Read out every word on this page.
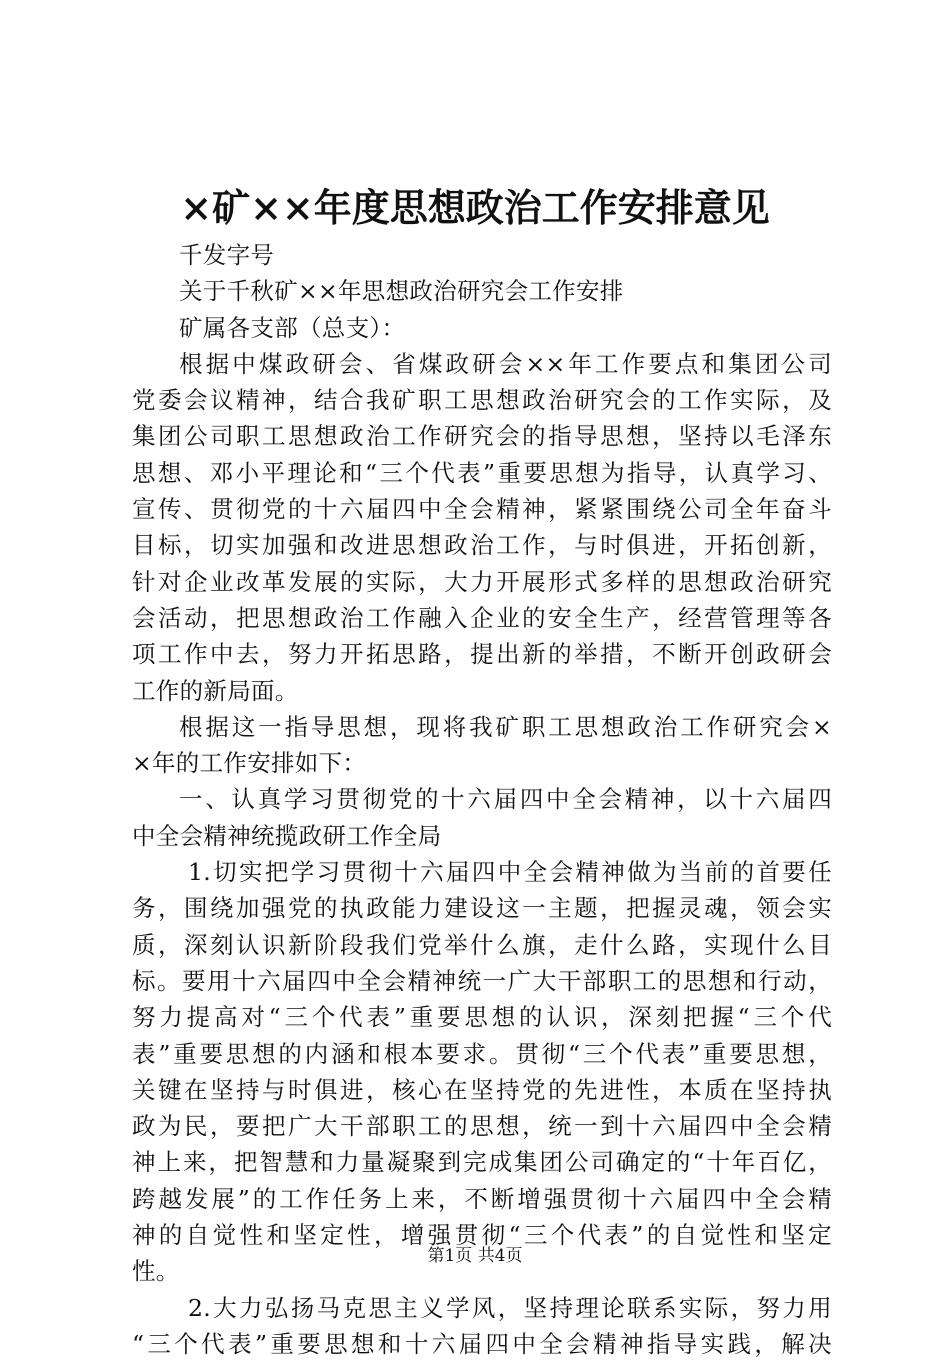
×矿××年度思想政治工作安排意见
千发字号
关于千秋矿××年思想政治研究会工作安排
矿属各支部（总支）：
根据中煤政研会、省煤政研会××年工作要点和集团公司
党委会议精神，结合我矿职工思想政治研究会的工作实际，及
集团公司职工思想政治工作研究会的指导思想，坚持以毛泽东
思想、邓小平理论和“三个代表”重要思想为指导，认真学习、
宣传、贯彻党的十六届四中全会精神，紧紧围绕公司全年奋斗
目标，切实加强和改进思想政治工作，与时俱进，开拓创新，
针对企业改革发展的实际，大力开展形式多样的思想政治研究
会活动，把思想政治工作融入企业的安全生产，经营管理等各
项工作中去，努力开拓思路，提出新的举措，不断开创政研会
工作的新局面。
根据这一指导思想，现将我矿职工思想政治工作研究会×
×年的工作安排如下：
一、认真学习贯彻党的十六届四中全会精神，以十六届四
中全会精神统揽政研工作全局
1.切实把学习贯彻十六届四中全会精神做为当前的首要任
务，围绕加强党的执政能力建设这一主题，把握灵魂，领会实
质，深刻认识新阶段我们党举什么旗，走什么路，实现什么目
标。要用十六届四中全会精神统一广大干部职工的思想和行动，
努力提高对“三个代表”重要思想的认识，深刻把握“三个代
表”重要思想的内涵和根本要求。贯彻“三个代表”重要思想，
关键在坚持与时俱进，核心在坚持党的先进性，本质在坚持执
政为民，要把广大干部职工的思想，统一到十六届四中全会精
神上来，把智慧和力量凝聚到完成集团公司确定的“十年百亿，
跨越发展”的工作任务上来，不断增强贯彻十六届四中全会精
神的自觉性和坚定性，增强贯彻“三个代表”的自觉性和坚定
性。
2.大力弘扬马克思主义学风，坚持理论联系实际，努力用
“三个代表”重要思想和十六届四中全会精神指导实践，解决
第1页 共4页
